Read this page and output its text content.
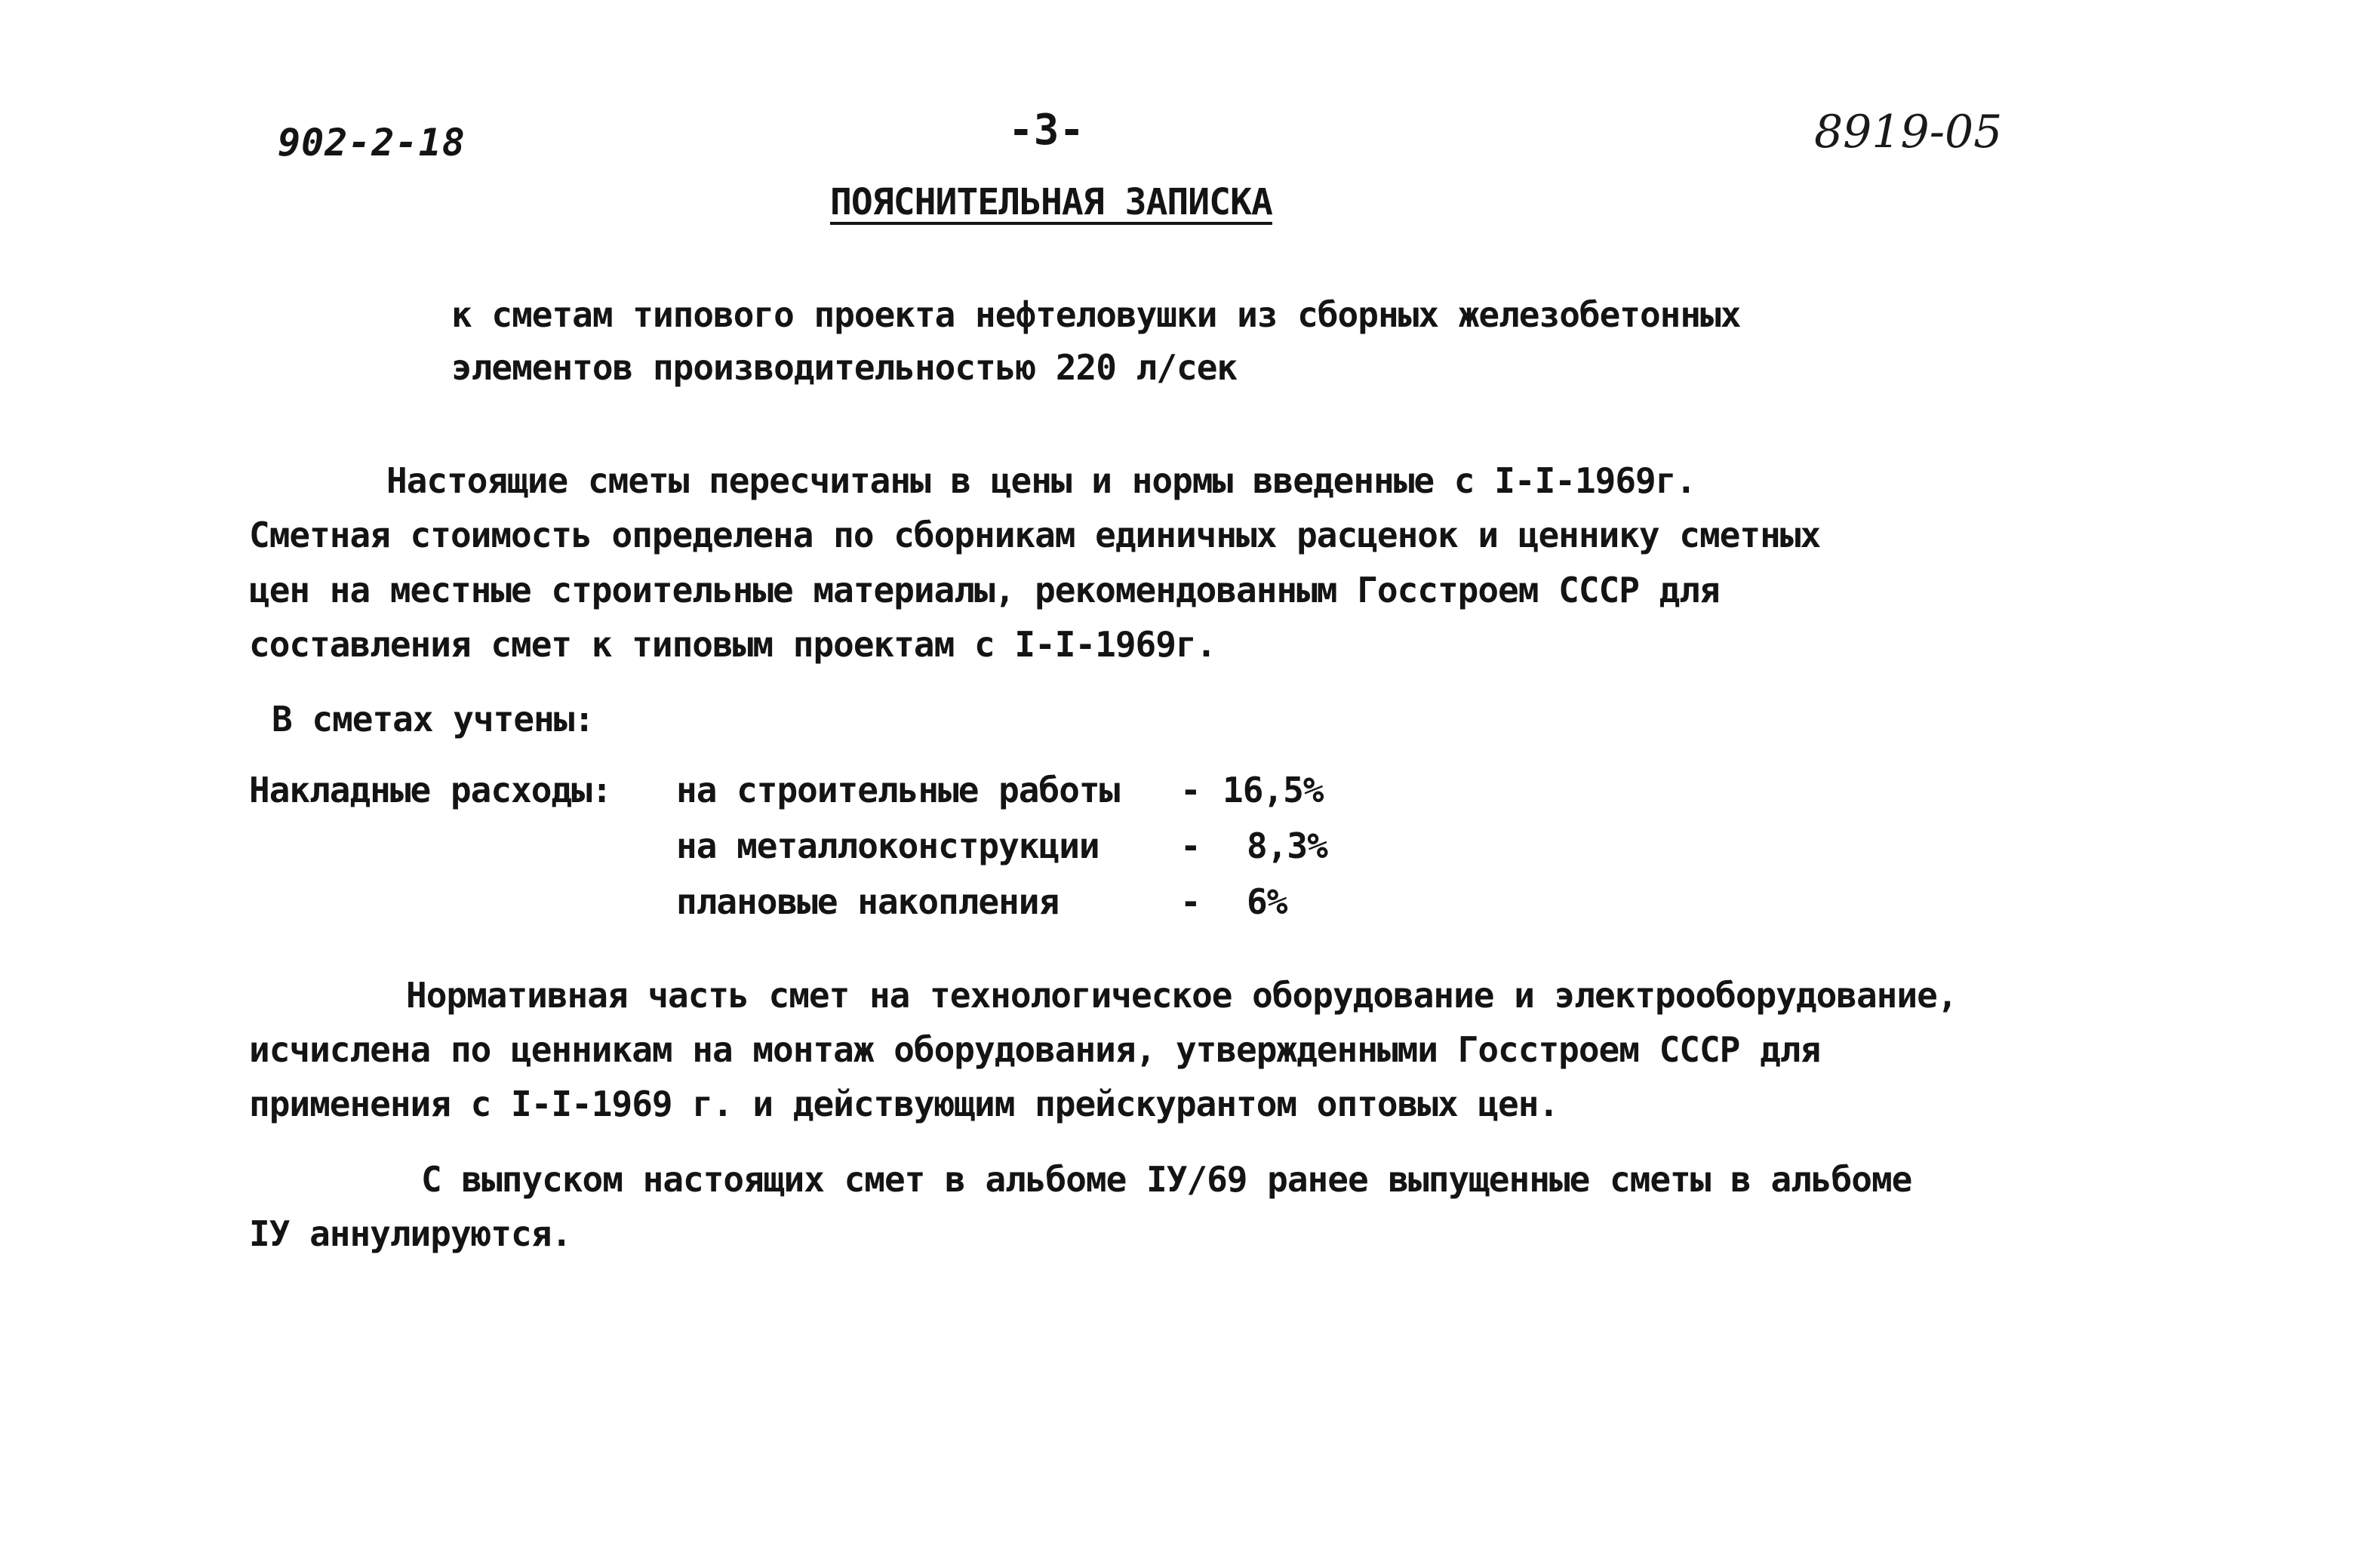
902-2-18	-3-	8919-05
ПОЯСНИТЕЛЬНАЯ ЗАПИСКА
к сметам типового проекта нефтеловушки из сборных железобетонных
элементов производительностью 220 л/сек
Настоящие сметы пересчитаны в цены и нормы введенные с I-I-1969г.
Сметная стоимость определена по сборникам единичных расценок и ценнику сметных
цен на местные строительные материалы, рекомендованным Госстроем СССР для
составления смет к типовым проектам с I-I-1969г.
В сметах учтены:
Накладные расходы: на строительные работы - 16,5%
на металлоконструкции - 8,3%
плановые накопления	- 6%
Нормативная часть смет на технологическое оборудование и электрооборудование,
исчислена по ценникам на монтаж оборудования, утвержденными Госстроем СССР для
применения с I-I-1969 г. и действующим прейскурантом оптовых цен.
С выпуском настоящих смет в альбоме IУ/69 ранее выпущенные сметы в альбоме
IУ аннулируются.
